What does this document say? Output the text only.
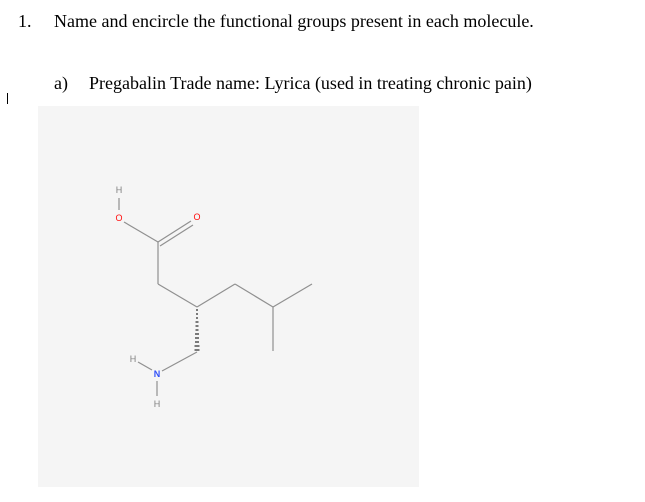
1. Name and encircle the functional groups present in each molecule.
a) Pregabalin Trade name: Lyrica (used in treating chronic pain)
H
O	O
H
N
H
